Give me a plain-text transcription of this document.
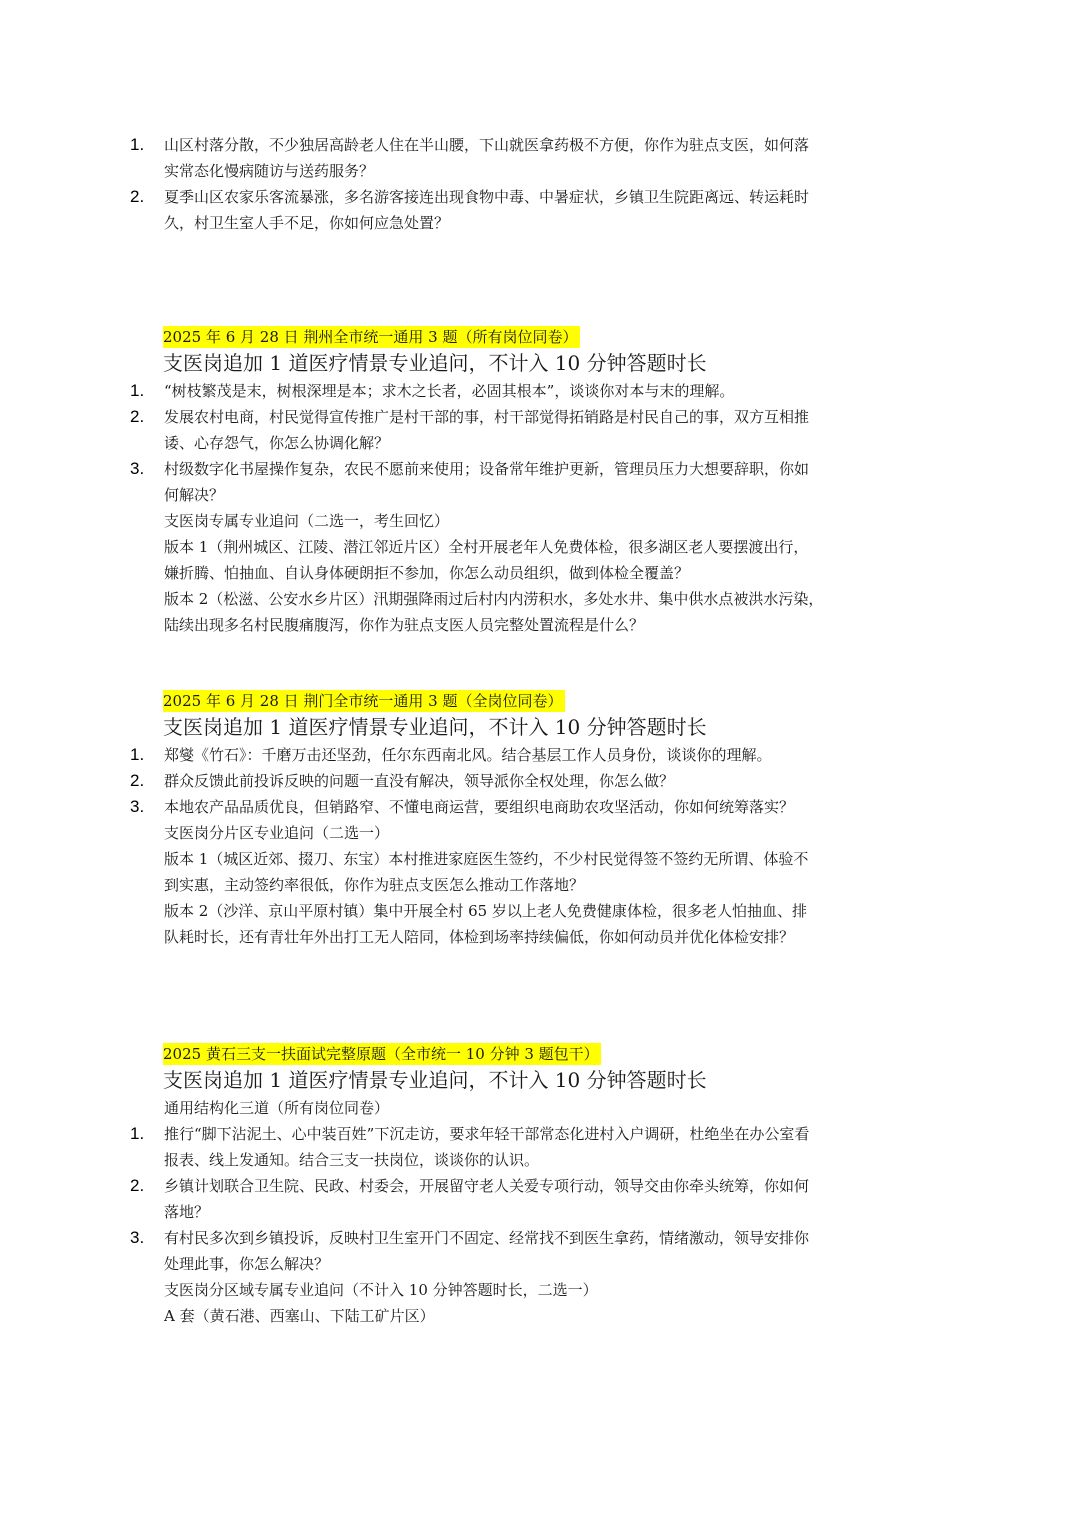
1. 山区村落分散，不少独居高龄老人住在半山腰，下山就医拿药极不方便，你作为驻点支医，如何落
实常态化慢病随访与送药服务？
2. 夏季山区农家乐客流暴涨，多名游客接连出现食物中毒、中暑症状，乡镇卫生院距离远、转运耗时
久，村卫生室人手不足，你如何应急处置？
2025 年 6 月 28 日 荆州全市统一通用 3 题（所有岗位同卷）
支医岗追加 1 道医疗情景专业追问，不计入 10 分钟答题时长
1. “树枝繁茂是末，树根深埋是本；求木之长者，必固其根本”，谈谈你对本与末的理解。
2. 发展农村电商，村民觉得宣传推广是村干部的事，村干部觉得拓销路是村民自己的事，双方互相推
诿、心存怨气，你怎么协调化解？
3. 村级数字化书屋操作复杂，农民不愿前来使用；设备常年维护更新，管理员压力大想要辞职，你如
何解决？
支医岗专属专业追问（二选一，考生回忆）
版本 1（荆州城区、江陵、潜江邻近片区）全村开展老年人免费体检，很多湖区老人要摆渡出行，
嫌折腾、怕抽血、自认身体硬朗拒不参加，你怎么动员组织，做到体检全覆盖？
版本 2（松滋、公安水乡片区）汛期强降雨过后村内内涝积水，多处水井、集中供水点被洪水污染，
陆续出现多名村民腹痛腹泻，你作为驻点支医人员完整处置流程是什么？
2025 年 6 月 28 日 荆门全市统一通用 3 题（全岗位同卷）
支医岗追加 1 道医疗情景专业追问，不计入 10 分钟答题时长
1. 郑燮《竹石》：千磨万击还坚劲，任尔东西南北风。结合基层工作人员身份，谈谈你的理解。
2. 群众反馈此前投诉反映的问题一直没有解决，领导派你全权处理，你怎么做？
3. 本地农产品品质优良，但销路窄、不懂电商运营，要组织电商助农攻坚活动，你如何统筹落实？
支医岗分片区专业追问（二选一）
版本 1（城区近郊、掇刀、东宝）本村推进家庭医生签约，不少村民觉得签不签约无所谓、体验不
到实惠，主动签约率很低，你作为驻点支医怎么推动工作落地？
版本 2（沙洋、京山平原村镇）集中开展全村 65 岁以上老人免费健康体检，很多老人怕抽血、排
队耗时长，还有青壮年外出打工无人陪同，体检到场率持续偏低，你如何动员并优化体检安排？
2025 黄石三支一扶面试完整原题（全市统一 10 分钟 3 题包干）
支医岗追加 1 道医疗情景专业追问，不计入 10 分钟答题时长
通用结构化三道（所有岗位同卷）
1. 推行“脚下沾泥土、心中装百姓”下沉走访，要求年轻干部常态化进村入户调研，杜绝坐在办公室看
报表、线上发通知。结合三支一扶岗位，谈谈你的认识。
2. 乡镇计划联合卫生院、民政、村委会，开展留守老人关爱专项行动，领导交由你牵头统筹，你如何
落地？
3. 有村民多次到乡镇投诉，反映村卫生室开门不固定、经常找不到医生拿药，情绪激动，领导安排你
处理此事，你怎么解决？
支医岗分区域专属专业追问（不计入 10 分钟答题时长，二选一）
A 套（黄石港、西塞山、下陆工矿片区）
